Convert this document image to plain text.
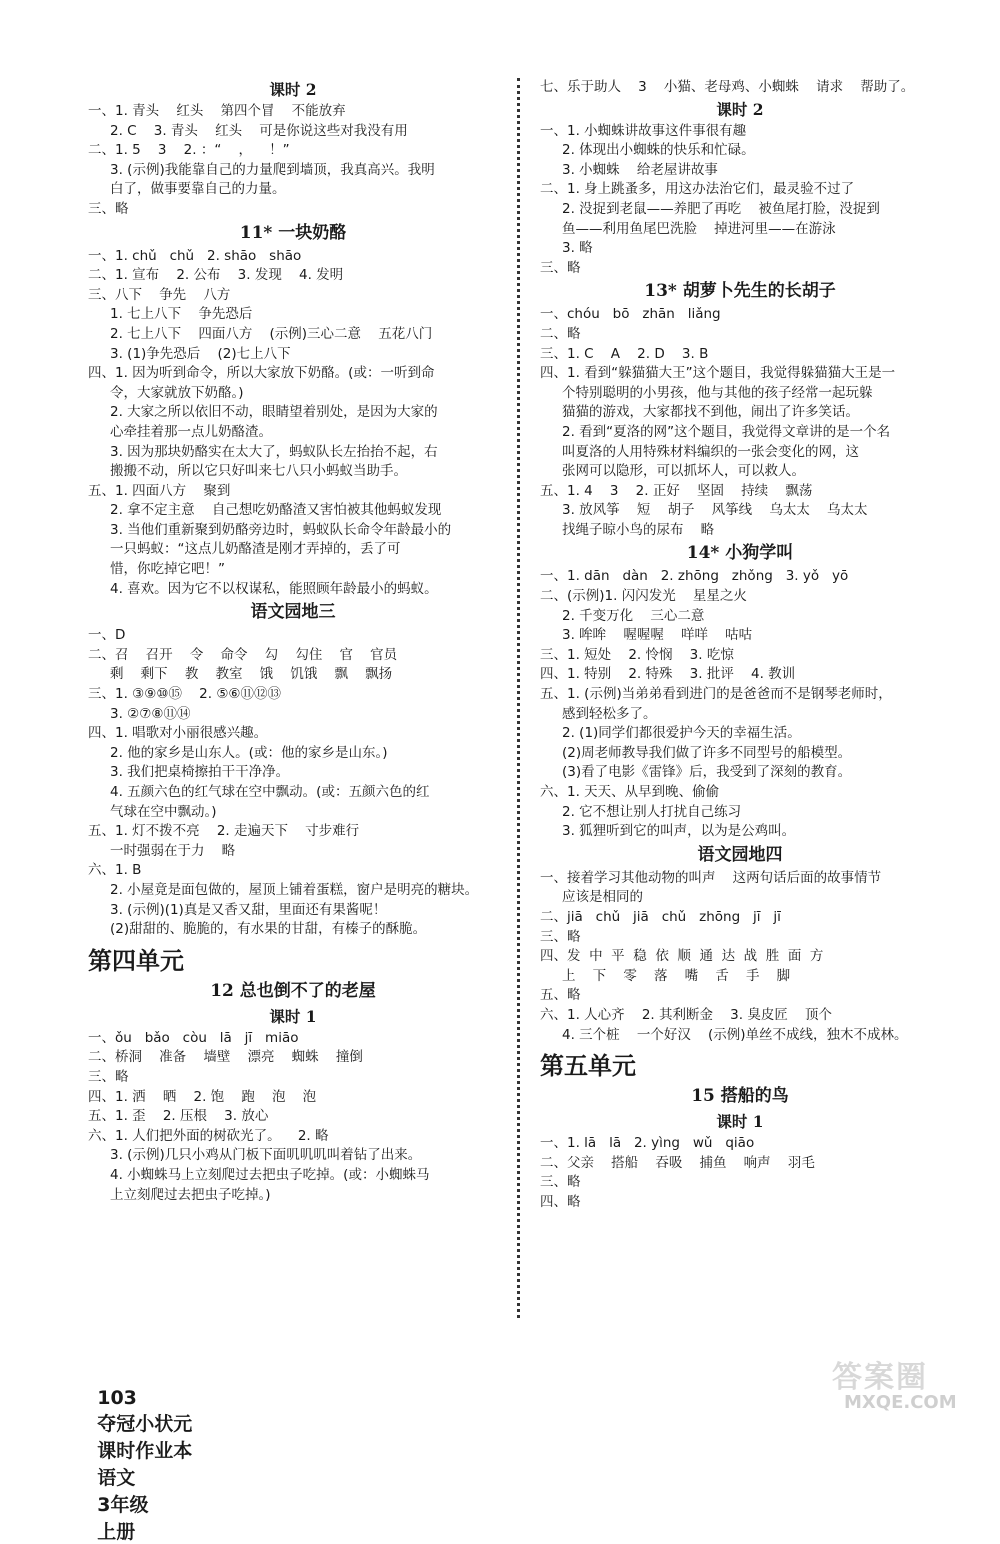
课时 2
一、1. 青头    红头    第四个冒    不能放弃
2. C    3. 青头    红头    可是你说这些对我没有用
二、1. 5    3    2. ：“    ，    ！”
3. (示例)我能靠自己的力量爬到墙顶，我真高兴。我明
白了，做事要靠自己的力量。
三、略
11* 一块奶酪
一、1. chǔ   chǔ   2. shāo   shāo
二、1. 宣布    2. 公布    3. 发现    4. 发明
三、八下    争先    八方
1. 七上八下    争先恐后
2. 七上八下    四面八方    (示例)三心二意    五花八门
3. (1)争先恐后    (2)七上八下
四、1. 因为听到命令，所以大家放下奶酪。(或：一听到命
令，大家就放下奶酪。)
2. 大家之所以依旧不动，眼睛望着别处，是因为大家的
心牵挂着那一点儿奶酪渣。
3. 因为那块奶酪实在太大了，蚂蚁队长左抬抬不起，右
搬搬不动，所以它只好叫来七八只小蚂蚁当助手。
五、1. 四面八方    聚到
2. 拿不定主意    自己想吃奶酪渣又害怕被其他蚂蚁发现
3. 当他们重新聚到奶酪旁边时，蚂蚁队长命令年龄最小的
一只蚂蚁：“这点儿奶酪渣是刚才弄掉的，丢了可
惜，你吃掉它吧！”
4. 喜欢。因为它不以权谋私，能照顾年龄最小的蚂蚁。
语文园地三
一、D
二、召    召开    令    命令    勾    勾住    官    官员
剩    剩下    教    教室    饿    饥饿    飘    飘扬
三、1. ③⑨⑩⑮    2. ⑤⑥⑪⑫⑬
3. ②⑦⑧⑪⑭
四、1. 唱歌对小丽很感兴趣。
2. 他的家乡是山东人。(或：他的家乡是山东。)
3. 我们把桌椅擦拍干干净净。
4. 五颜六色的红气球在空中飘动。(或：五颜六色的红
气球在空中飘动。)
五、1. 灯不拨不亮    2. 走遍天下    寸步难行
一时强弱在于力    略
六、1. B
2. 小屋竟是面包做的，屋顶上铺着蛋糕，窗户是明亮的糖块。
3. (示例)(1)真是又香又甜，里面还有果酱呢！
(2)甜甜的、脆脆的，有水果的甘甜，有榛子的酥脆。
第四单元
12 总也倒不了的老屋
课时 1
一、ǒu   bǎo   còu   lā   jī   miāo
二、桥洞    准备    墙壁    漂亮    蜘蛛    撞倒
三、略
四、1. 洒    晒    2. 饱    跑    泡    泡
五、1. 歪    2. 压根    3. 放心
六、1. 人们把外面的树砍光了。    2. 略
3. (示例)几只小鸡从门板下面叽叽叽叫着钻了出来。
4. 小蜘蛛马上立刻爬过去把虫子吃掉。(或：小蜘蛛马
上立刻爬过去把虫子吃掉。)
七、乐于助人    3    小猫、老母鸡、小蜘蛛    请求    帮助了。
课时 2
一、1. 小蜘蛛讲故事这件事很有趣
2. 体现出小蜘蛛的快乐和忙碌。
3. 小蜘蛛    给老屋讲故事
二、1. 身上跳蚤多，用这办法治它们，最灵验不过了
2. 没捉到老鼠——养肥了再吃    被鱼尾打脸，没捉到
鱼——利用鱼尾巴洗脸    掉进河里——在游泳
3. 略
三、略
13* 胡萝卜先生的长胡子
一、chóu   bō   zhān   liǎng
二、略
三、1. C    A    2. D    3. B
四、1. 看到“躲猫猫大王”这个题目，我觉得躲猫猫大王是一
个特别聪明的小男孩，他与其他的孩子经常一起玩躲
猫猫的游戏，大家都找不到他，闹出了许多笑话。
2. 看到“夏洛的网”这个题目，我觉得文章讲的是一个名
叫夏洛的人用特殊材料编织的一张会变化的网，这
张网可以隐形，可以抓坏人，可以救人。
五、1. 4    3    2. 正好    坚固    持续    飘荡
3. 放风筝    短    胡子    风筝线    乌太太    乌太太
找绳子晾小鸟的尿布    略
14* 小狗学叫
一、1. dān   dàn   2. zhōng   zhǒng   3. yǒ   yō
二、(示例)1. 闪闪发光    星星之火
2. 千变万化    三心二意
3. 哞哞    喔喔喔    咩咩    咕咕
三、1. 短处    2. 怜悯    3. 吃惊
四、1. 特别    2. 特殊    3. 批评    4. 教训
五、1. (示例)当弟弟看到进门的是爸爸而不是钢琴老师时，
感到轻松多了。
2. (1)同学们都很爱护今天的幸福生活。
(2)周老师教导我们做了许多不同型号的船模型。
(3)看了电影《雷锋》后，我受到了深刻的教育。
六、1. 天天、从早到晚、偷偷
2. 它不想让别人打扰自己练习
3. 狐狸听到它的叫声，以为是公鸡叫。
语文园地四
一、接着学习其他动物的叫声    这两句话后面的故事情节
应该是相同的
二、jiā   chǔ   jiā   chǔ   zhōng   jī   jī
三、略
四、发  中  平  稳  依  顺  通  达  战  胜  面  方
上    下    零    落    嘴    舌    手    脚
五、略
六、1. 人心齐    2. 其利断金    3. 臭皮匠    顶个
4. 三个桩    一个好汉    (示例)单丝不成线，独木不成林。
第五单元
15 搭船的鸟
课时 1
一、1. lā   lā   2. yìng   wǔ   qiāo
二、父亲    搭船    吞吸    捕鱼    响声    羽毛
三、略
四、略

103
夺冠小状元
课时作业本
语文
3年级
上册

答案圈
MXQE.COM
